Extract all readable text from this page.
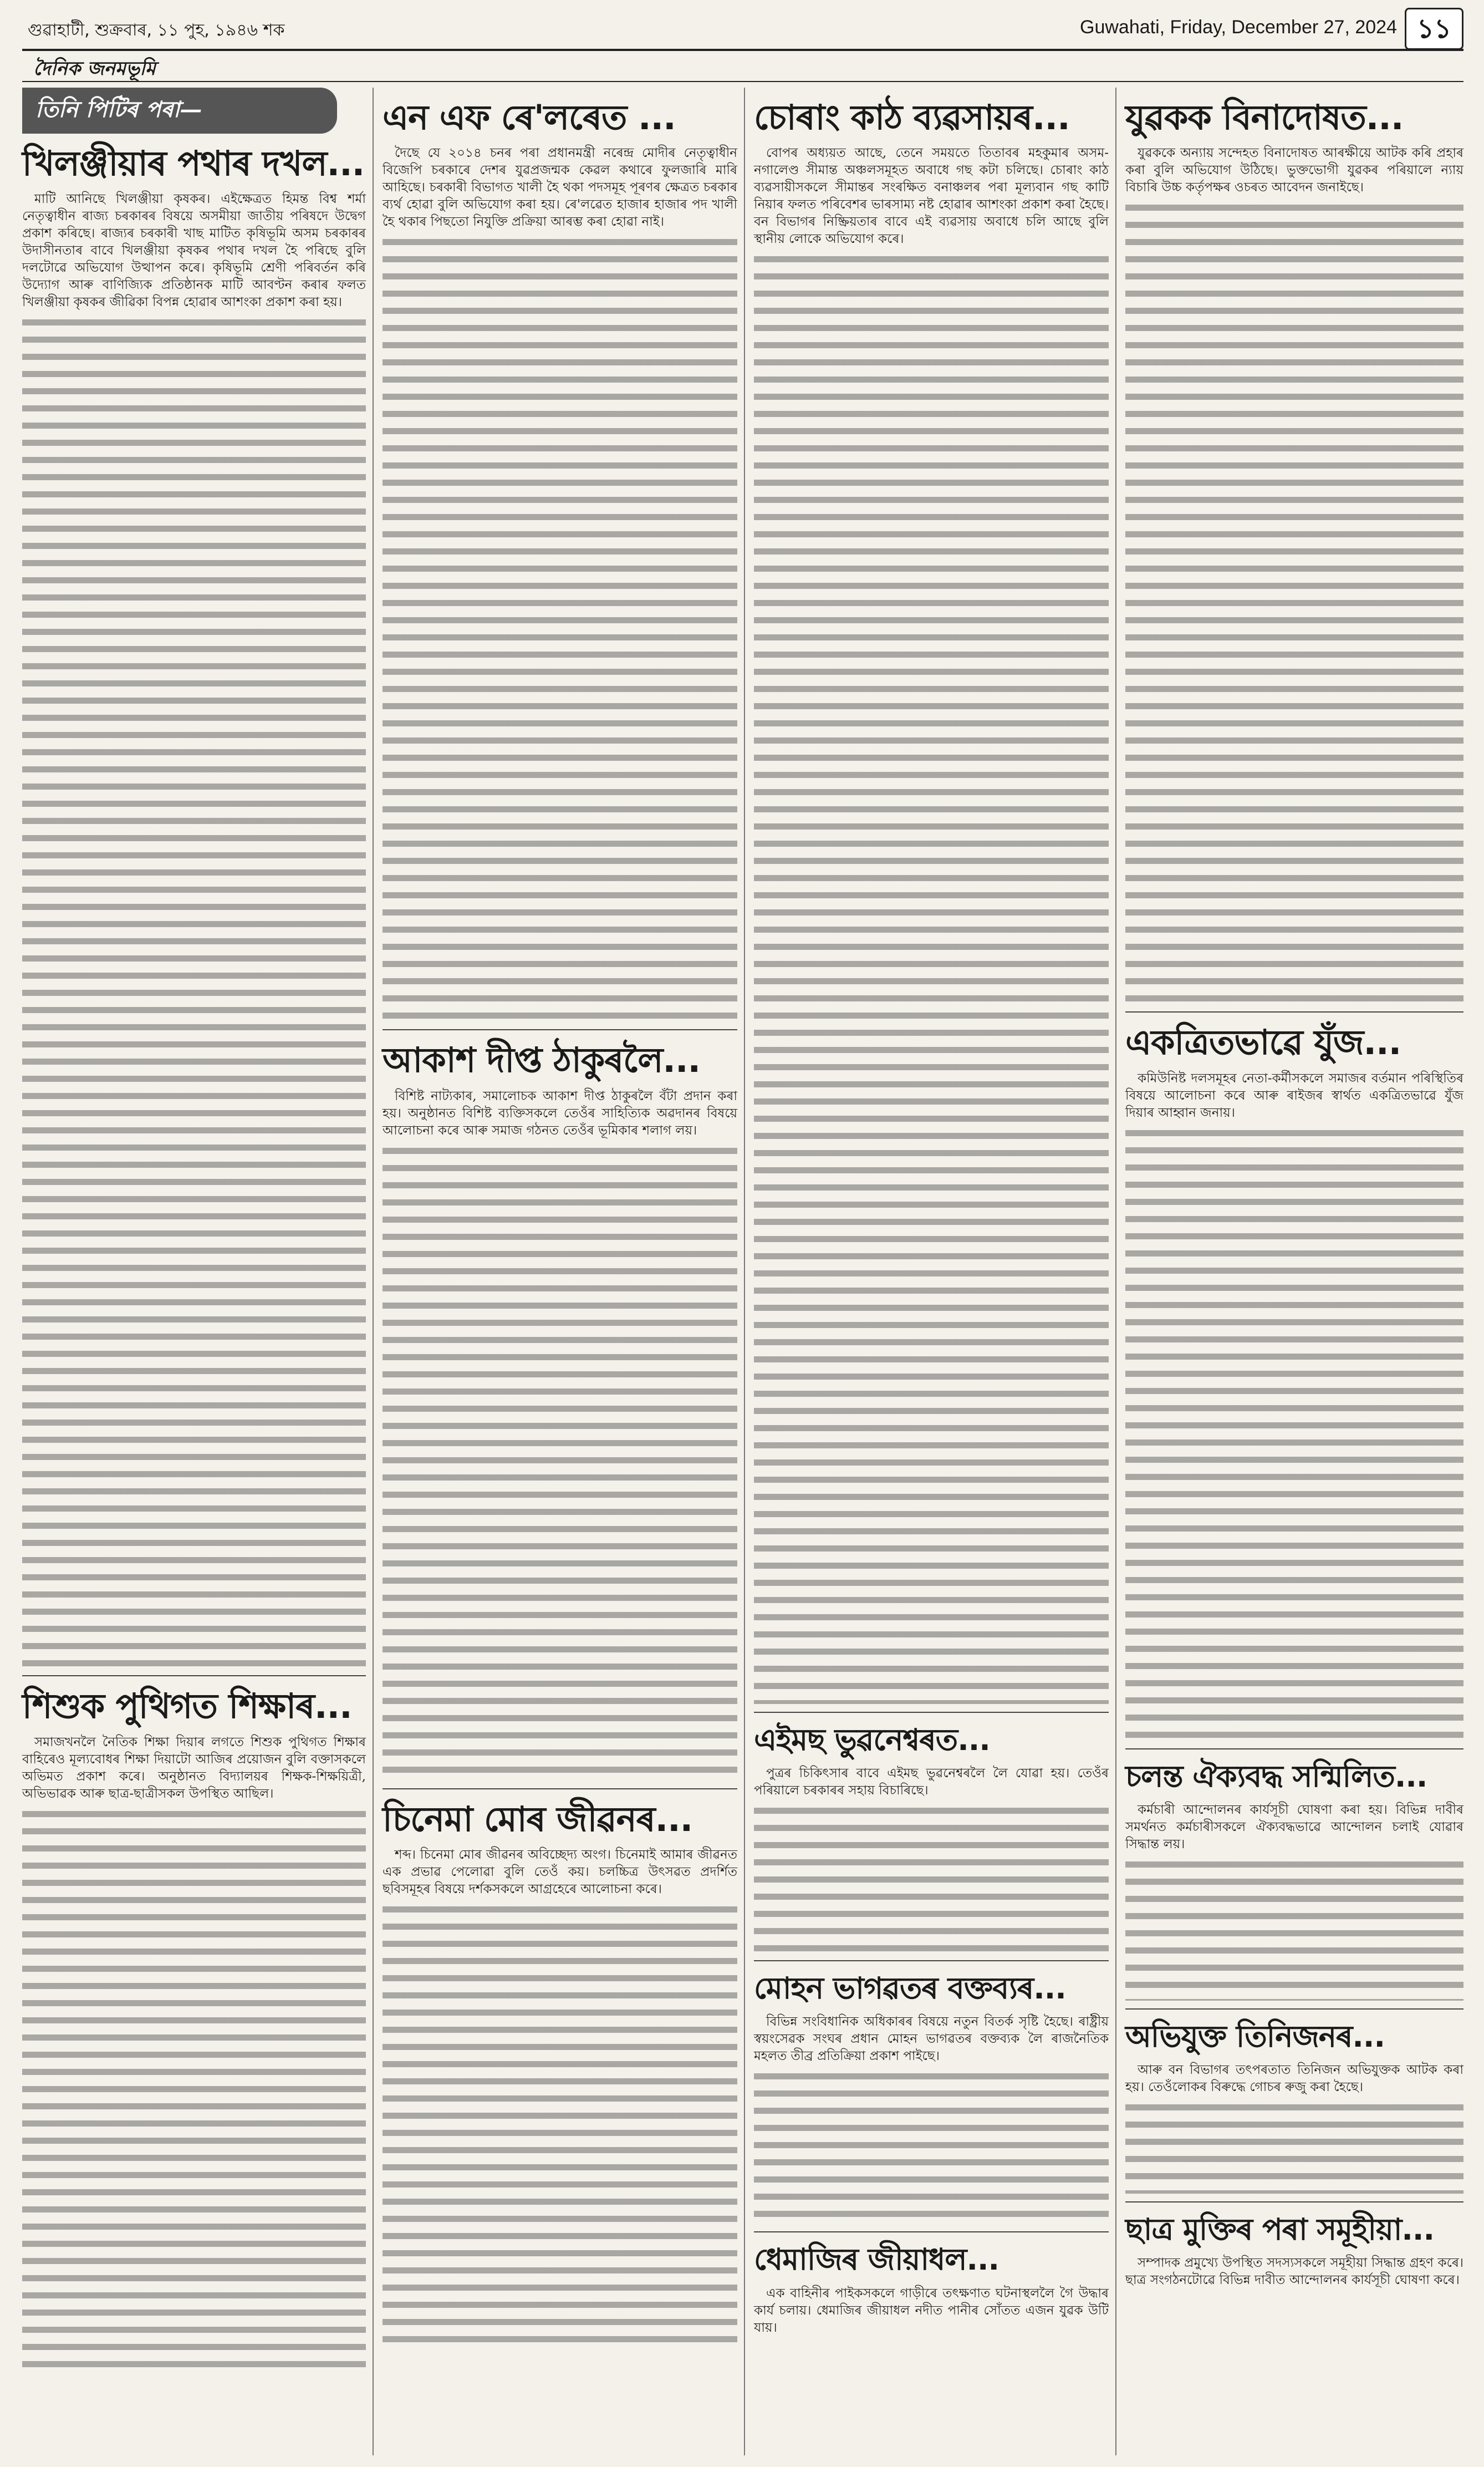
গুৱাহাটী, শুক্ৰবাৰ, ১১ পুহ, ১৯৪৬ শক	Guwahati, Friday, December 27, 2024 ১১
দৈনিক জনমভূমি
তিনি পিটিৰ পৰা—
খিলঞ্জীয়াৰ পথাৰ দখল...

মাটি আনিছে খিলঞ্জীয়া কৃষকৰ। এইক্ষেত্ৰত হিমন্ত বিশ্ব শৰ্মা নেতৃত্বাধীন ৰাজ্য চৰকাৰৰ বিষয়ে অসমীয়া জাতীয় পৰিষদে উদ্বেগ প্ৰকাশ কৰিছে। ৰাজ্যৰ চৰকাৰী খাছ মাটিত কৃষিভূমি অসম চৰকাৰৰ উদাসীনতাৰ বাবে খিলঞ্জীয়া কৃষকৰ পথাৰ দখল হৈ পৰিছে বুলি দলটোৱে অভিযোগ উত্থাপন কৰে। কৃষিভূমি শ্ৰেণী পৰিবৰ্তন কৰি উদ্যোগ আৰু বাণিজ্যিক প্ৰতিষ্ঠানক মাটি আবণ্টন কৰাৰ ফলত খিলঞ্জীয়া কৃষকৰ জীৱিকা বিপন্ন হোৱাৰ আশংকা প্ৰকাশ কৰা হয়।

শিশুক পুথিগত শিক্ষাৰ...

সমাজখনলৈ নৈতিক শিক্ষা দিয়াৰ লগতে শিশুক পুথিগত শিক্ষাৰ বাহিৰেও মূল্যবোধৰ শিক্ষা দিয়াটো আজিৰ প্ৰয়োজন বুলি বক্তাসকলে অভিমত প্ৰকাশ কৰে। অনুষ্ঠানত বিদ্যালয়ৰ শিক্ষক-শিক্ষয়িত্ৰী, অভিভাৱক আৰু ছাত্ৰ-ছাত্ৰীসকল উপস্থিত আছিল।

এন এফ ৰে'লৰেত ...

দৈছে যে ২০১৪ চনৰ পৰা প্ৰধানমন্ত্ৰী নৰেন্দ্ৰ মোদীৰ নেতৃত্বাধীন বিজেপি চৰকাৰে দেশৰ যুৱপ্ৰজন্মক কেৱল কথাৰে ফুলজাৰি মাৰি আহিছে। চৰকাৰী বিভাগত খালী হৈ থকা পদসমূহ পূৰণৰ ক্ষেত্ৰত চৰকাৰ ব্যৰ্থ হোৱা বুলি অভিযোগ কৰা হয়। ৰে'লৱেত হাজাৰ হাজাৰ পদ খালী হৈ থকাৰ পিছতো নিযুক্তি প্ৰক্ৰিয়া আৰম্ভ কৰা হোৱা নাই।

আকাশ দীপ্ত ঠাকুৰলৈ...

বিশিষ্ট নাট্যকাৰ, সমালোচক আকাশ দীপ্ত ঠাকুৰলৈ বঁটা প্ৰদান কৰা হয়। অনুষ্ঠানত বিশিষ্ট ব্যক্তিসকলে তেওঁৰ সাহিত্যিক অৱদানৰ বিষয়ে আলোচনা কৰে আৰু সমাজ গঠনত তেওঁৰ ভূমিকাৰ শলাগ লয়।

চিনেমা মোৰ জীৱনৰ...

শব্দ। চিনেমা মোৰ জীৱনৰ অবিচ্ছেদ্য অংগ। চিনেমাই আমাৰ জীৱনত এক প্ৰভাৱ পেলোৱা বুলি তেওঁ কয়। চলচ্চিত্ৰ উৎসৱত প্ৰদৰ্শিত ছবিসমূহৰ বিষয়ে দৰ্শকসকলে আগ্ৰহেৰে আলোচনা কৰে।

চোৰাং কাঠ ব্যৱসায়ৰ...

বোপৰ অধ্যয়ত আছে, তেনে সময়তে তিতাবৰ মহকুমাৰ অসম-নগালেণ্ড সীমান্ত অঞ্চলসমূহত অবাধে গছ কটা চলিছে। চোৰাং কাঠ ব্যৱসায়ীসকলে সীমান্তৰ সংৰক্ষিত বনাঞ্চলৰ পৰা মূল্যবান গছ কাটি নিয়াৰ ফলত পৰিবেশৰ ভাৰসাম্য নষ্ট হোৱাৰ আশংকা প্ৰকাশ কৰা হৈছে। বন বিভাগৰ নিষ্ক্ৰিয়তাৰ বাবে এই ব্যৱসায় অবাধে চলি আছে বুলি স্থানীয় লোকে অভিযোগ কৰে।

এইমছ ভুৱনেশ্বৰত...

পুত্ৰৰ চিকিৎসাৰ বাবে এইমছ ভুৱনেশ্বৰলৈ লৈ যোৱা হয়। তেওঁৰ পৰিয়ালে চৰকাৰৰ সহায় বিচাৰিছে।

মোহন ভাগৱতৰ বক্তব্যৰ...

বিভিন্ন সংবিধানিক অধিকাৰৰ বিষয়ে নতুন বিতৰ্ক সৃষ্টি হৈছে। ৰাষ্ট্ৰীয় স্বয়ংসেৱক সংঘৰ প্ৰধান মোহন ভাগৱতৰ বক্তব্যক লৈ ৰাজনৈতিক মহলত তীব্ৰ প্ৰতিক্ৰিয়া প্ৰকাশ পাইছে।

ধেমাজিৰ জীয়াধল...

এক বাহিনীৰ পাইকসকলে গাড়ীৰে তৎক্ষণাত ঘটনাস্থললৈ গৈ উদ্ধাৰ কাৰ্য চলায়। ধেমাজিৰ জীয়াধল নদীত পানীৰ সোঁতত এজন যুৱক উটি যায়।

যুৱকক বিনাদোষত...

যুৱককে অন্যায় সন্দেহত বিনাদোষত আৰক্ষীয়ে আটক কৰি প্ৰহাৰ কৰা বুলি অভিযোগ উঠিছে। ভুক্তভোগী যুৱকৰ পৰিয়ালে ন্যায় বিচাৰি উচ্চ কৰ্তৃপক্ষৰ ওচৰত আবেদন জনাইছে।

একত্ৰিতভাৱে যুঁজ...

কমিউনিষ্ট দলসমূহৰ নেতা-কৰ্মীসকলে সমাজৰ বৰ্তমান পৰিস্থিতিৰ বিষয়ে আলোচনা কৰে আৰু ৰাইজৰ স্বাৰ্থত একত্ৰিতভাৱে যুঁজ দিয়াৰ আহ্বান জনায়।

চলন্ত ঐক্যবদ্ধ সন্মিলিত...

কৰ্মচাৰী আন্দোলনৰ কাৰ্যসূচী ঘোষণা কৰা হয়। বিভিন্ন দাবীৰ সমৰ্থনত কৰ্মচাৰীসকলে ঐক্যবদ্ধভাৱে আন্দোলন চলাই যোৱাৰ সিদ্ধান্ত লয়।

অভিযুক্ত তিনিজনৰ...

আৰু বন বিভাগৰ তৎপৰতাত তিনিজন অভিযুক্তক আটক কৰা হয়। তেওঁলোকৰ বিৰুদ্ধে গোচৰ ৰুজু কৰা হৈছে।

ছাত্ৰ মুক্তিৰ পৰা সমূহীয়া...

সম্পাদক প্ৰমুখ্যে উপস্থিত সদস্যসকলে সমূহীয়া সিদ্ধান্ত গ্ৰহণ কৰে। ছাত্ৰ সংগঠনটোৱে বিভিন্ন দাবীত আন্দোলনৰ কাৰ্যসূচী ঘোষণা কৰে।
